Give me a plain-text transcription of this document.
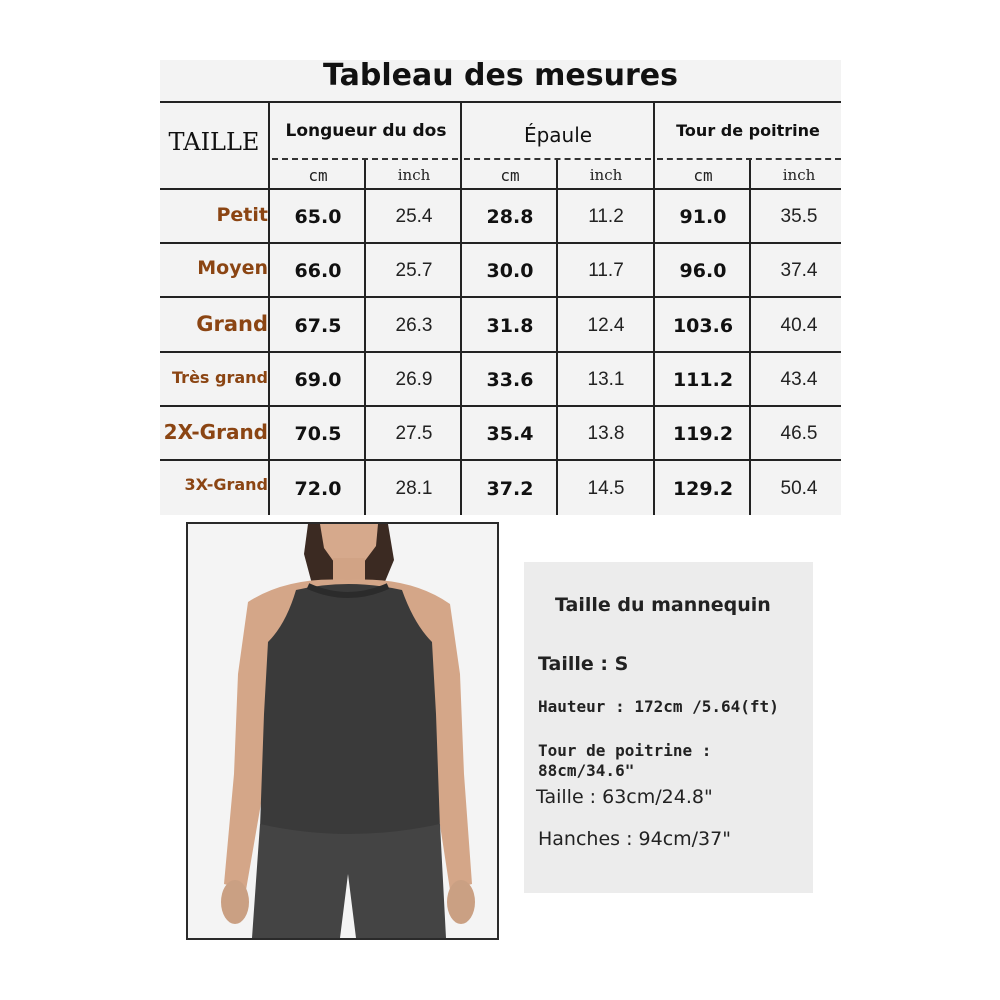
Tableau des mesures
TAILLE	Longueur du dos	Épaule	Tour de poitrine
cm	inch	cm	inch	cm	inch
Petit	65.0	25.4	28.8	11.2	91.0	35.5
Moyen	66.0	25.7	30.0	11.7	96.0	37.4
Grand	67.5	26.3	31.8	12.4	103.6	40.4
Très grand	69.0	26.9	33.6	13.1	111.2	43.4
2X-Grand	70.5	27.5	35.4	13.8	119.2	46.5
3X-Grand	72.0	28.1	37.2	14.5	129.2	50.4
Taille du mannequin
Taille : S
Hauteur : 172cm /5.64(ft)
Tour de poitrine :
88cm/34.6"
Taille : 63cm/24.8"
Hanches : 94cm/37"
